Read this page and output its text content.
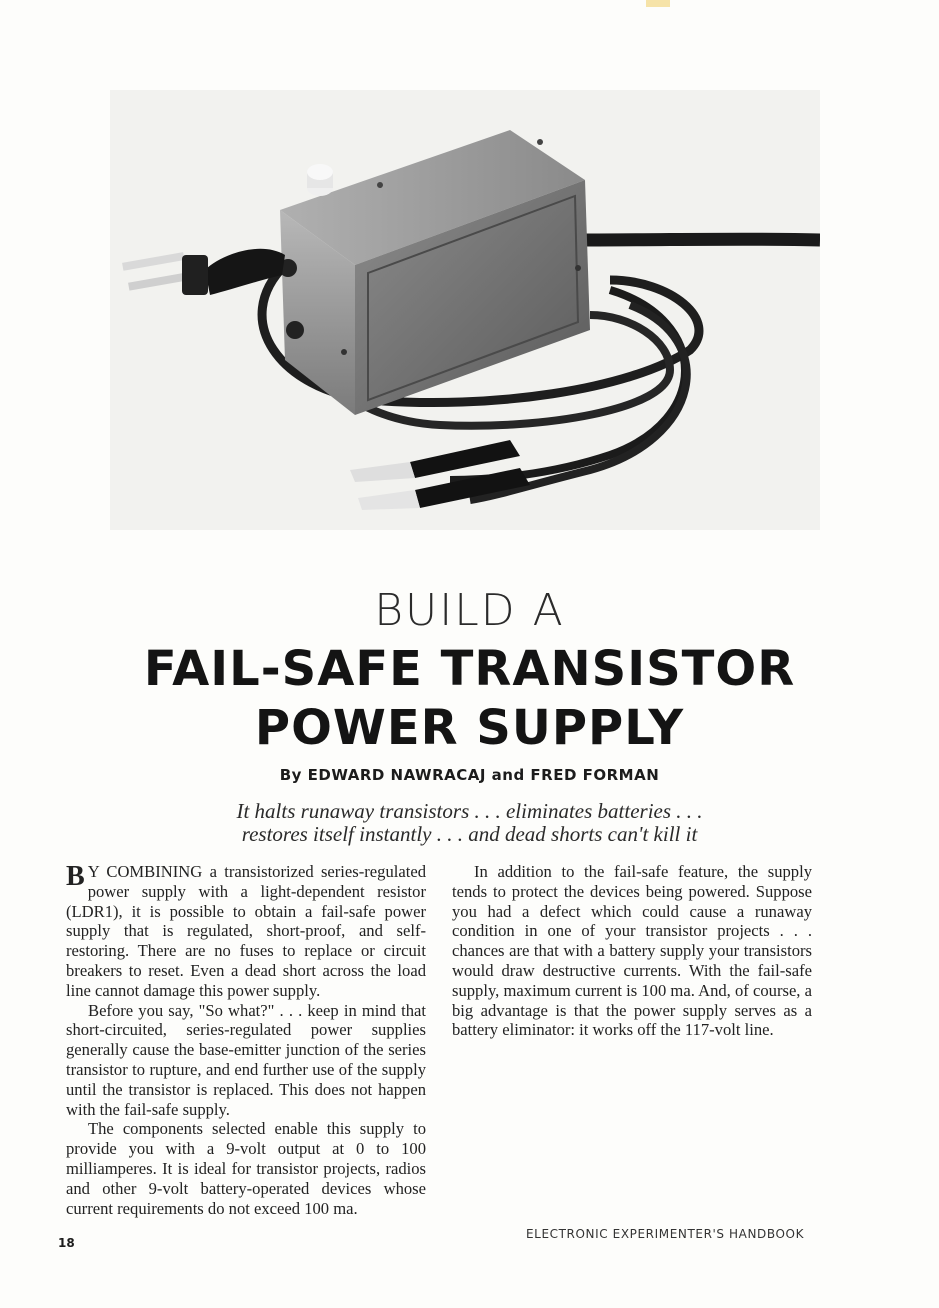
BUILD A
FAIL-SAFE TRANSISTOR
POWER SUPPLY
By EDWARD NAWRACAJ and FRED FORMAN
It halts runaway transistors . . . eliminates batteries . . .
restores itself instantly . . . and dead shorts can't kill it

B Y COMBINING a transistorized series-regulated power supply with a light-dependent resistor (LDR1), it is possible to obtain a fail-safe power supply that is regulated, short-proof, and self-restoring. There are no fuses to replace or circuit breakers to reset. Even a dead short across the load line cannot damage this power supply.

Before you say, "So what?" . . . keep in mind that short-circuited, series-regulated power supplies generally cause the base-emitter junction of the series transistor to rupture, and end further use of the supply until the transistor is replaced. This does not happen with the fail-safe supply.

The components selected enable this supply to provide you with a 9-volt output at 0 to 100 milliamperes. It is ideal for transistor projects, radios and other 9-volt battery-operated devices whose current requirements do not exceed 100 ma.

In addition to the fail-safe feature, the supply tends to protect the devices being powered. Suppose you had a defect which could cause a runaway condition in one of your transistor projects . . . chances are that with a battery supply your transistors would draw destructive currents. With the fail-safe supply, maximum current is 100 ma. And, of course, a big advantage is that the power supply serves as a battery eliminator: it works off the 117-volt line.

18
ELECTRONIC EXPERIMENTER'S HANDBOOK
